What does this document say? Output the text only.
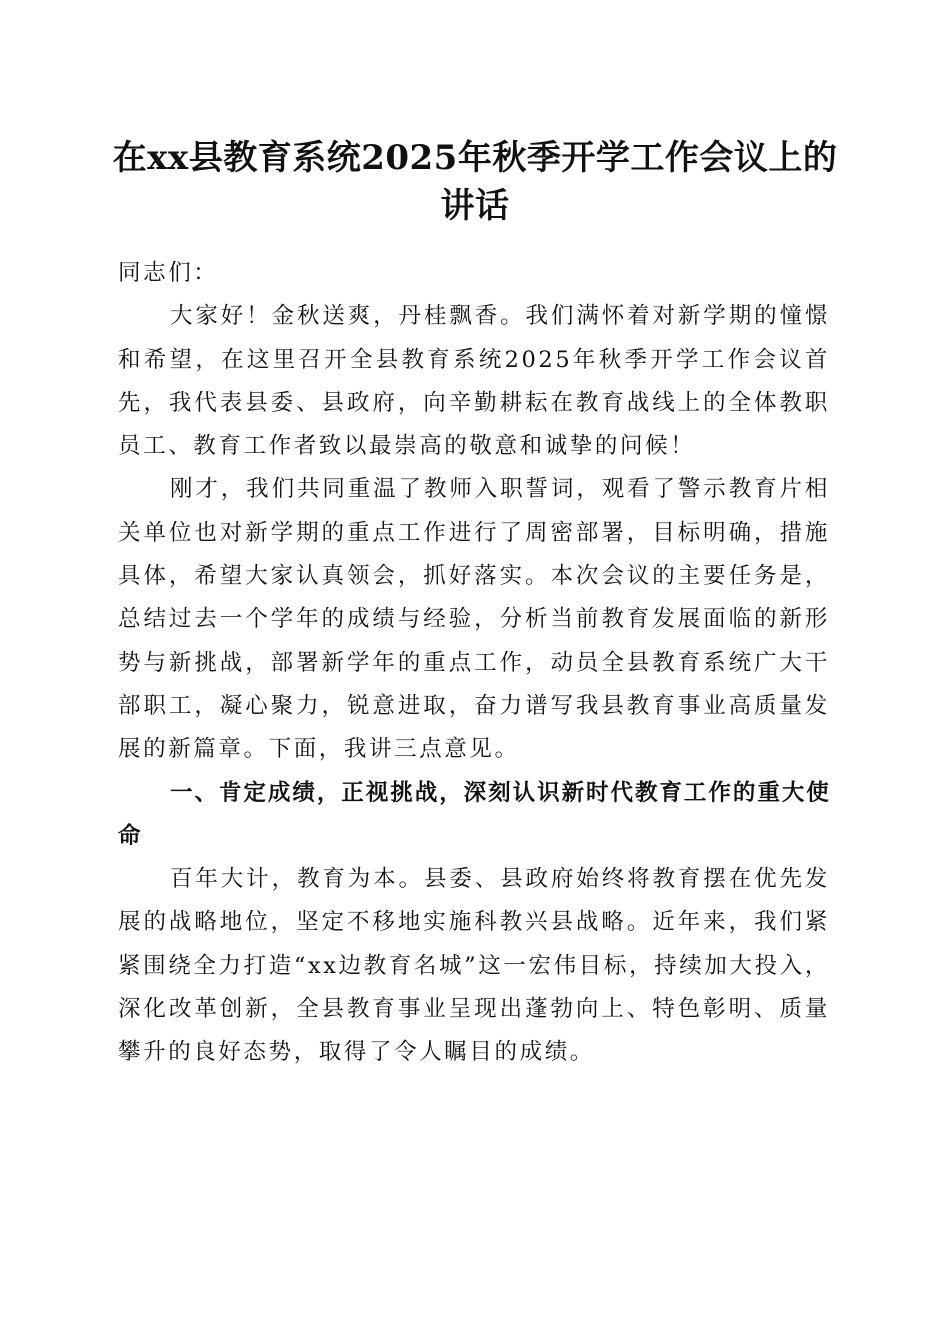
在xx县教育系统2025年秋季开学工作会议上的讲话

同志们：

大家好！金秋送爽，丹桂飘香。我们满怀着对新学期的憧憬和希望，在这里召开全县教育系统2025年秋季开学工作会议首先，我代表县委、县政府，向辛勤耕耘在教育战线上的全体教职员工、教育工作者致以最崇高的敬意和诚挚的问候！

刚才，我们共同重温了教师入职誓词，观看了警示教育片相关单位也对新学期的重点工作进行了周密部署，目标明确，措施具体，希望大家认真领会，抓好落实。本次会议的主要任务是，总结过去一个学年的成绩与经验，分析当前教育发展面临的新形势与新挑战，部署新学年的重点工作，动员全县教育系统广大干部职工，凝心聚力，锐意进取，奋力谱写我县教育事业高质量发展的新篇章。下面，我讲三点意见。

一、肯定成绩，正视挑战，深刻认识新时代教育工作的重大使命

百年大计，教育为本。县委、县政府始终将教育摆在优先发展的战略地位，坚定不移地实施科教兴县战略。近年来，我们紧紧围绕全力打造“xx边教育名城”这一宏伟目标，持续加大投入，深化改革创新，全县教育事业呈现出蓬勃向上、特色彰明、质量攀升的良好态势，取得了令人瞩目的成绩。
